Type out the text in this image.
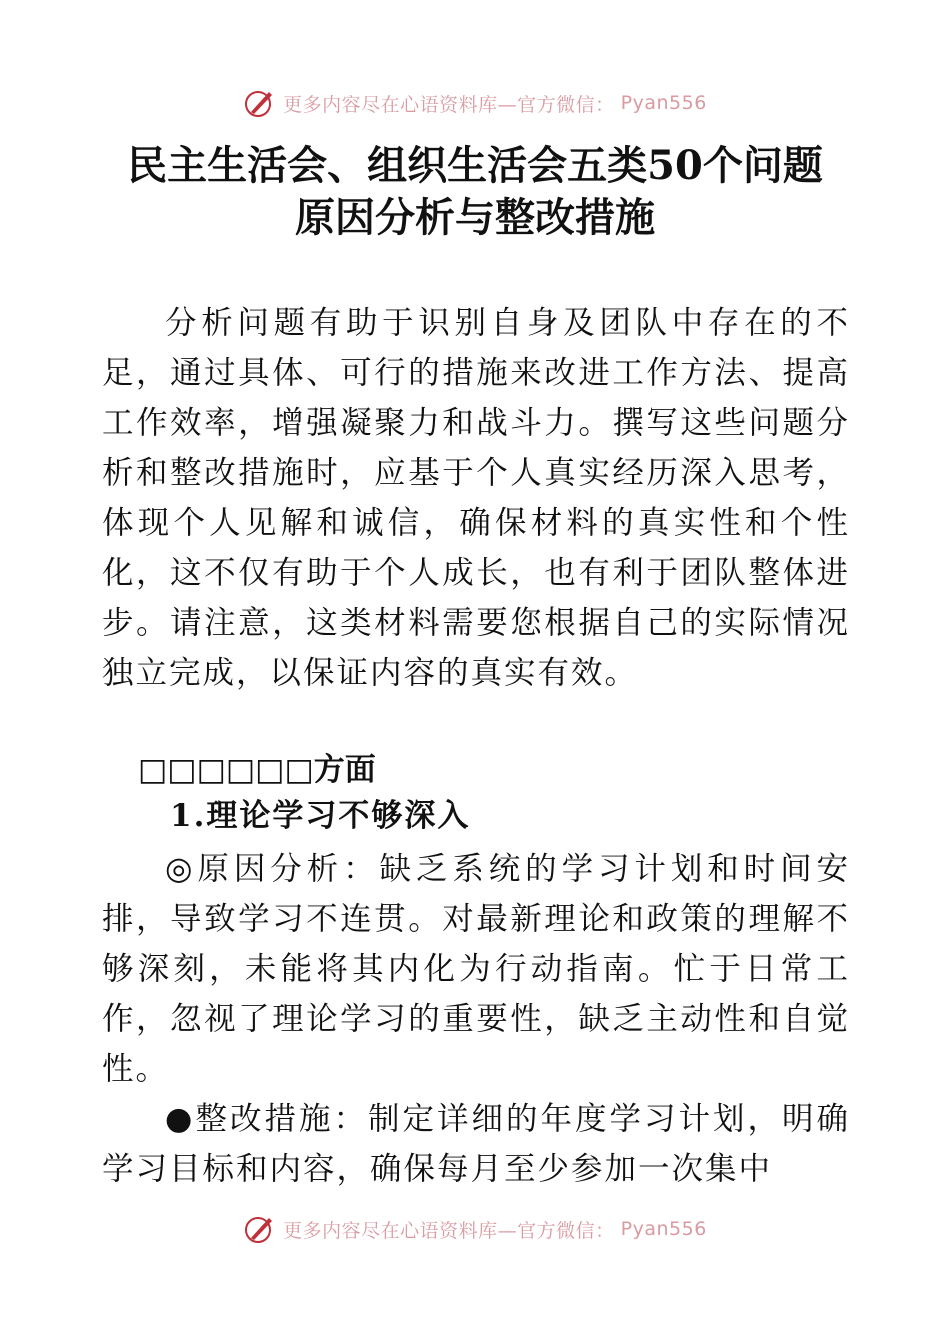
更多内容尽在心语资料库—官方微信： Pyan556
民主生活会、组织生活会五类50个问题
原因分析与整改措施

分析问题有助于识别自身及团队中存在的不足，通过具体、可行的措施来改进工作方法、提高工作效率，增强凝聚力和战斗力。撰写这些问题分析和整改措施时，应基于个人真实经历深入思考，体现个人见解和诚信，确保材料的真实性和个性化，这不仅有助于个人成长，也有利于团队整体进步。请注意，这类材料需要您根据自己的实际情况独立完成，以保证内容的真实有效。

□□□□□□方面
1.理论学习不够深入

◎原因分析：缺乏系统的学习计划和时间安排，导致学习不连贯。对最新理论和政策的理解不够深刻，未能将其内化为行动指南。忙于日常工作，忽视了理论学习的重要性，缺乏主动性和自觉性。

●整改措施：制定详细的年度学习计划，明确学习目标和内容，确保每月至少参加一次集中

更多内容尽在心语资料库—官方微信： Pyan556
